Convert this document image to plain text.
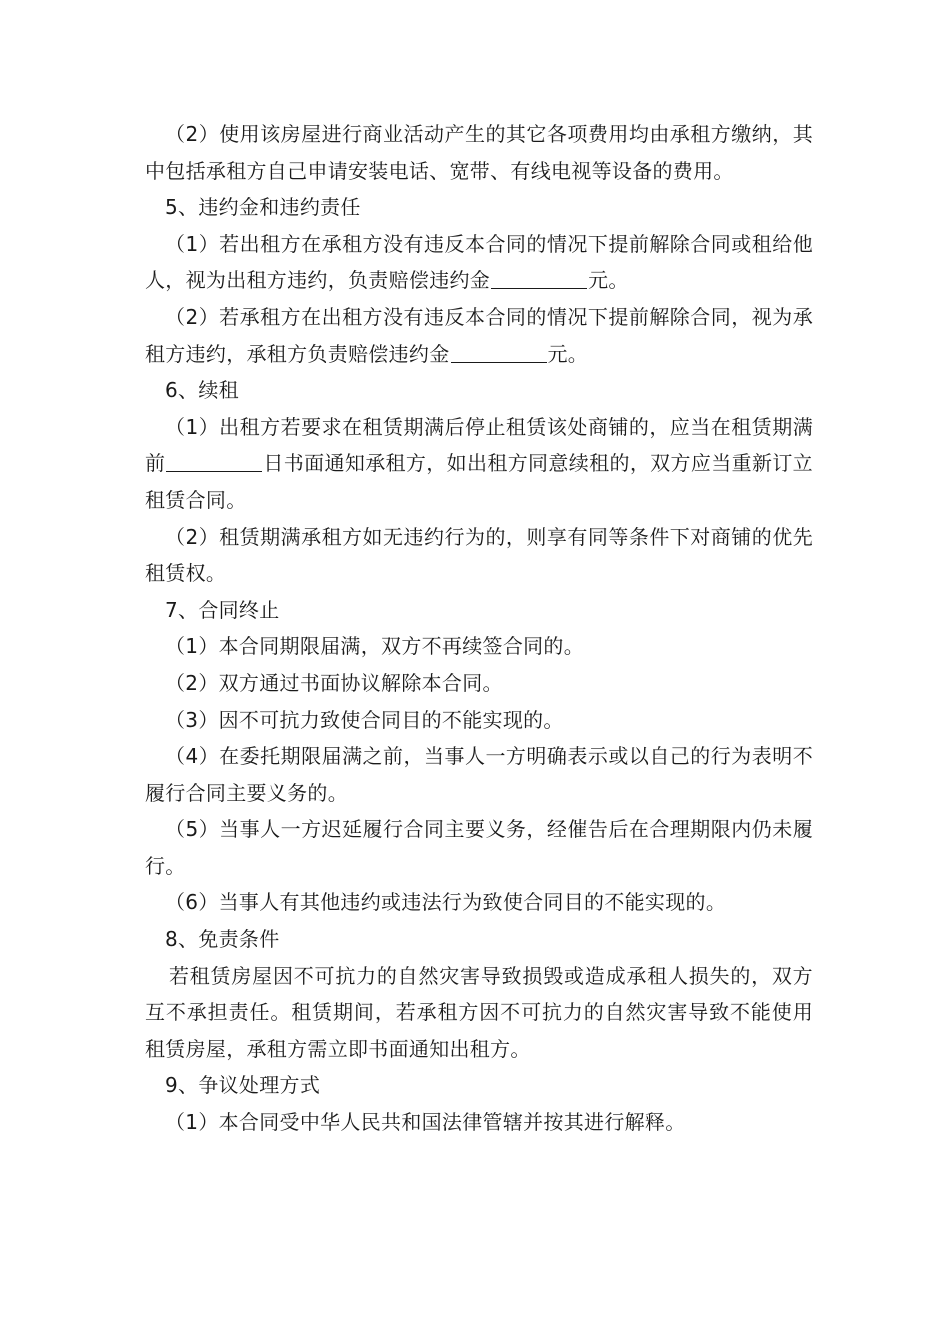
（2）使用该房屋进行商业活动产生的其它各项费用均由承租方缴纳，其中包括承租方自己申请安装电话、宽带、有线电视等设备的费用。

5、违约金和违约责任

（1）若出租方在承租方没有违反本合同的情况下提前解除合同或租给他人，视为出租方违约，负责赔偿违约金	元。

（2）若承租方在出租方没有违反本合同的情况下提前解除合同，视为承租方违约，承租方负责赔偿违约金	元。

6、续租

（1）出租方若要求在租赁期满后停止租赁该处商铺的，应当在租赁期满前	日书面通知承租方，如出租方同意续租的，双方应当重新订立租赁合同。

（2）租赁期满承租方如无违约行为的，则享有同等条件下对商铺的优先租赁权。

7、合同终止

（1）本合同期限届满，双方不再续签合同的。

（2）双方通过书面协议解除本合同。

（3）因不可抗力致使合同目的不能实现的。

（4）在委托期限届满之前，当事人一方明确表示或以自己的行为表明不履行合同主要义务的。

（5）当事人一方迟延履行合同主要义务，经催告后在合理期限内仍未履行。

（6）当事人有其他违约或违法行为致使合同目的不能实现的。

8、免责条件

若租赁房屋因不可抗力的自然灾害导致损毁或造成承租人损失的，双方互不承担责任。租赁期间，若承租方因不可抗力的自然灾害导致不能使用租赁房屋，承租方需立即书面通知出租方。

9、争议处理方式

（1）本合同受中华人民共和国法律管辖并按其进行解释。
